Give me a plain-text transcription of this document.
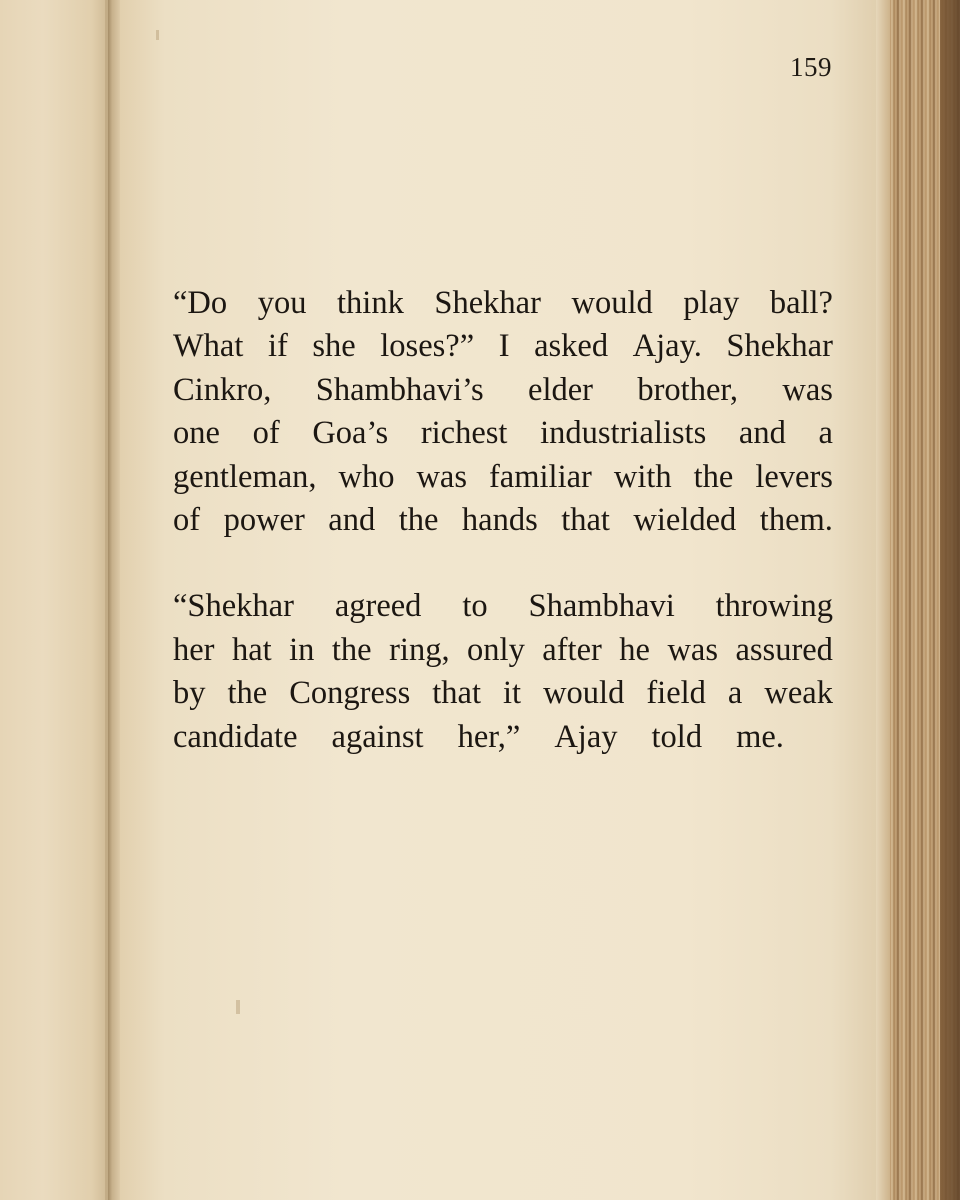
159
“Do you think Shekhar would play ball?
What if she loses?” I asked Ajay. Shekhar
Cinkro, Shambhavi’s elder brother, was
one of Goa’s richest industrialists and a
gentleman, who was familiar with the levers
of power and the hands that wielded them.
“Shekhar agreed to Shambhavi throwing
her hat in the ring, only after he was assured
by the Congress that it would field a weak
candidate against her,” Ajay told me.
